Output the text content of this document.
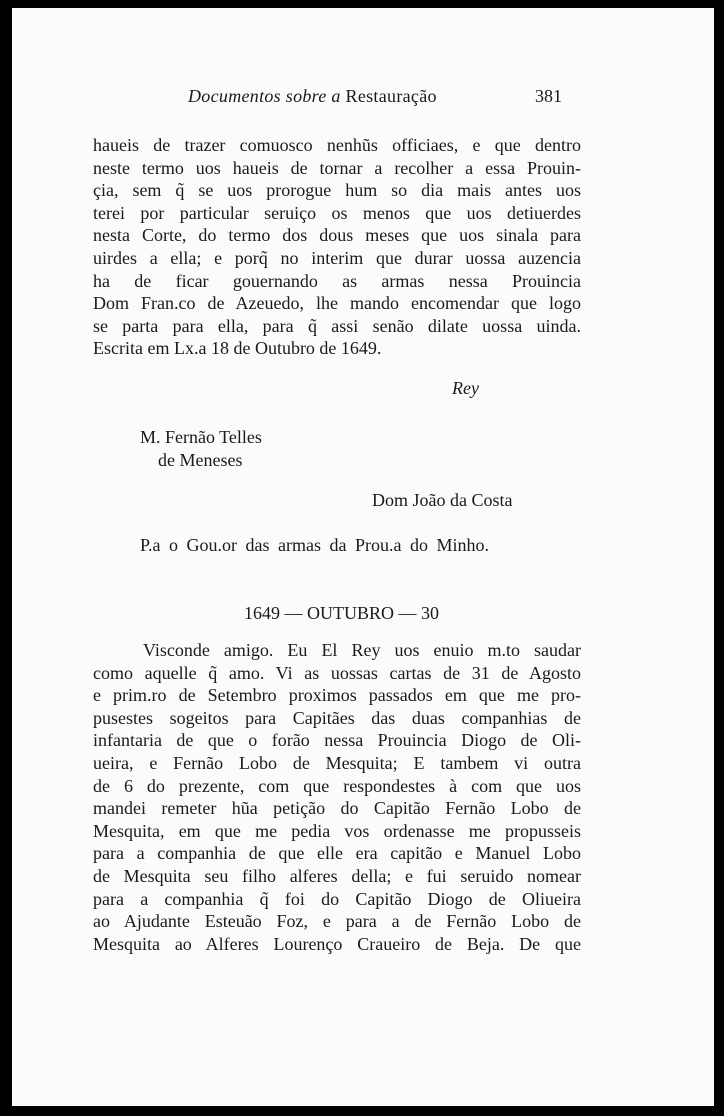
Documentos sobre a Restauração	381
haueis de trazer comuosco nenhũs officiaes, e que dentro
neste termo uos haueis de tornar a recolher a essa Prouin-
çia, sem q̃ se uos prorogue hum so dia mais antes uos
terei por particular seruiço os menos que uos detiuerdes
nesta Corte, do termo dos dous meses que uos sinala para
uirdes a ella; e porq̃ no interim que durar uossa auzencia
ha de ficar gouernando as armas nessa Prouincia
Dom Fran.co de Azeuedo, lhe mando encomendar que logo
se parta para ella, para q̃ assi senão dilate uossa uinda.
Escrita em Lx.a 18 de Outubro de 1649.
Rey
M. Fernão Telles
de Meneses
Dom João da Costa
P.a o Gou.or das armas da Prou.a do Minho.
1649 — OUTUBRO — 30
Visconde amigo. Eu El Rey uos enuio m.to saudar
como aquelle q̃ amo. Vi as uossas cartas de 31 de Agosto
e prim.ro de Setembro proximos passados em que me pro-
pusestes sogeitos para Capitães das duas companhias de
infantaria de que o forão nessa Prouincia Diogo de Oli-
ueira, e Fernão Lobo de Mesquita; E tambem vi outra
de 6 do prezente, com que respondestes à com que uos
mandei remeter hũa petição do Capitão Fernão Lobo de
Mesquita, em que me pedia vos ordenasse me propusseis
para a companhia de que elle era capitão e Manuel Lobo
de Mesquita seu filho alferes della; e fui seruido nomear
para a companhia q̃ foi do Capitão Diogo de Oliueira
ao Ajudante Esteuão Foz, e para a de Fernão Lobo de
Mesquita ao Alferes Lourenço Craueiro de Beja. De que
